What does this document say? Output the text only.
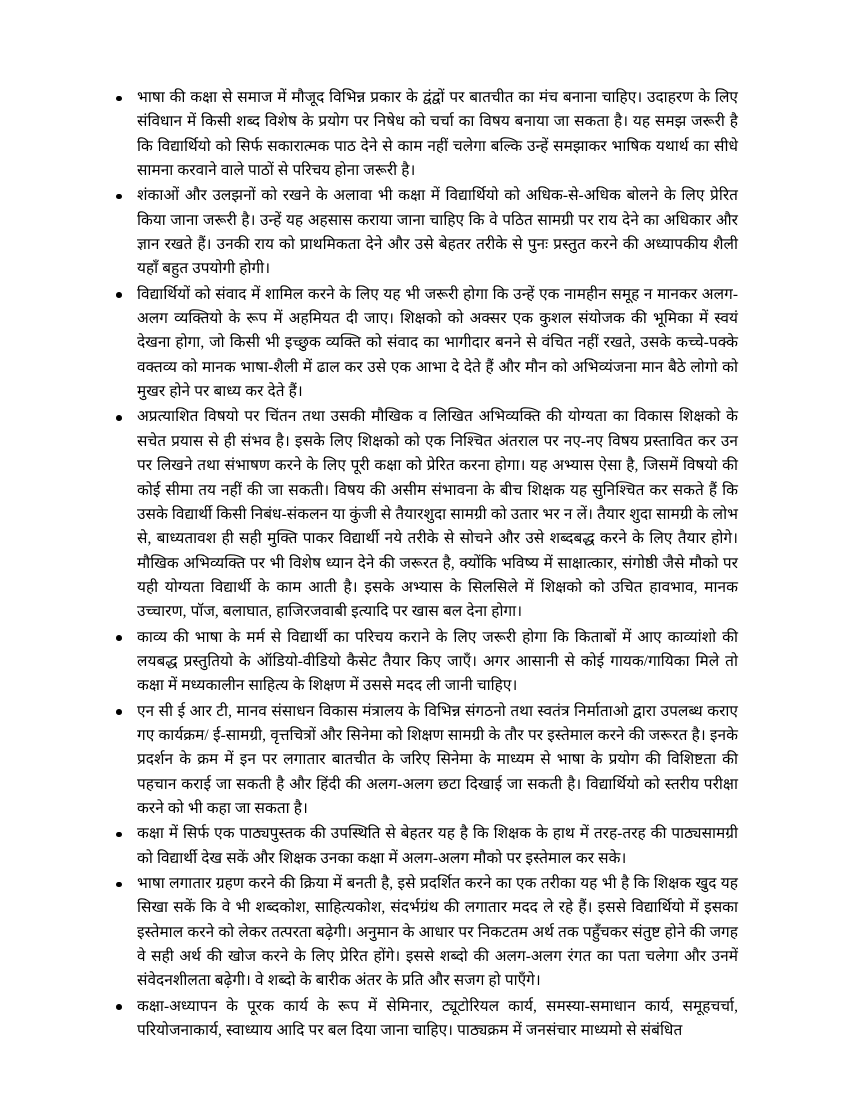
भाषा की कक्षा से समाज में मौजूद विभिन्न प्रकार के द्वंद्वों पर बातचीत का मंच बनाना चाहिए। उदाहरण के लिए संविधान में किसी शब्द विशेष के प्रयोग पर निषेध को चर्चा का विषय बनाया जा सकता है। यह समझ जरूरी है कि विद्यार्थियो को सिर्फ सकारात्मक पाठ देने से काम नहीं चलेगा बल्कि उन्हें समझाकर भाषिक यथार्थ का सीधे सामना करवाने वाले पाठों से परिचय होना जरूरी है।
शंकाओं और उलझनों को रखने के अलावा भी कक्षा में विद्यार्थियो को अधिक-से-अधिक बोलने के लिए प्रेरित किया जाना जरूरी है। उन्हें यह अहसास कराया जाना चाहिए कि वे पठित सामग्री पर राय देने का अधिकार और ज्ञान रखते हैं। उनकी राय को प्राथमिकता देने और उसे बेहतर तरीके से पुनः प्रस्तुत करने की अध्यापकीय शैली यहाँ बहुत उपयोगी होगी।
विद्यार्थियों को संवाद में शामिल करने के लिए यह भी जरूरी होगा कि उन्हें एक नामहीन समूह न मानकर अलग-अलग व्यक्तियो के रूप में अहमियत दी जाए। शिक्षको को अक्सर एक कुशल संयोजक की भूमिका में स्वयं देखना होगा, जो किसी भी इच्छुक व्यक्ति को संवाद का भागीदार बनने से वंचित नहीं रखते, उसके कच्चे-पक्के वक्तव्य को मानक भाषा-शैली में ढाल कर उसे एक आभा दे देते हैं और मौन को अभिव्यंजना मान बैठे लोगो को मुखर होने पर बाध्य कर देते हैं।
अप्रत्याशित विषयो पर चिंतन तथा उसकी मौखिक व लिखित अभिव्यक्ति की योग्यता का विकास शिक्षको के सचेत प्रयास से ही संभव है। इसके लिए शिक्षको को एक निश्चित अंतराल पर नए-नए विषय प्रस्तावित कर उन पर लिखने तथा संभाषण करने के लिए पूरी कक्षा को प्रेरित करना होगा। यह अभ्यास ऐसा है, जिसमें विषयो की कोई सीमा तय नहीं की जा सकती। विषय की असीम संभावना के बीच शिक्षक यह सुनिश्चित कर सकते हैं कि उसके विद्यार्थी किसी निबंध-संकलन या कुंजी से तैयारशुदा सामग्री को उतार भर न लें। तैयार शुदा सामग्री के लोभ से, बाध्यतावश ही सही मुक्ति पाकर विद्यार्थी नये तरीके से सोचने और उसे शब्दबद्ध करने के लिए तैयार होगे। मौखिक अभिव्यक्ति पर भी विशेष ध्यान देने की जरूरत है, क्योंकि भविष्य में साक्षात्कार, संगोष्ठी जैसे मौको पर यही योग्यता विद्यार्थी के काम आती है। इसके अभ्यास के सिलसिले में शिक्षको को उचित हावभाव, मानक उच्चारण, पॉज, बलाघात, हाजिरजवाबी इत्यादि पर खास बल देना होगा।
काव्य की भाषा के मर्म से विद्यार्थी का परिचय कराने के लिए जरूरी होगा कि किताबों में आए काव्यांशो की लयबद्ध प्रस्तुतियो के ऑडियो-वीडियो कैसेट तैयार किए जाएँ। अगर आसानी से कोई गायक/गायिका मिले तो कक्षा में मध्यकालीन साहित्य के शिक्षण में उससे मदद ली जानी चाहिए।
एन सी ई आर टी, मानव संसाधन विकास मंत्रालय के विभिन्न संगठनो तथा स्वतंत्र निर्माताओ द्वारा उपलब्ध कराए गए कार्यक्रम/ ई-सामग्री, वृत्तचित्रों और सिनेमा को शिक्षण सामग्री के तौर पर इस्तेमाल करने की जरूरत है। इनके प्रदर्शन के क्रम में इन पर लगातार बातचीत के जरिए सिनेमा के माध्यम से भाषा के प्रयोग की विशिष्टता की पहचान कराई जा सकती है और हिंदी की अलग-अलग छटा दिखाई जा सकती है। विद्यार्थियो को स्तरीय परीक्षा करने को भी कहा जा सकता है।
कक्षा में सिर्फ एक पाठ्यपुस्तक की उपस्थिति से बेहतर यह है कि शिक्षक के हाथ में तरह-तरह की पाठ्यसामग्री को विद्यार्थी देख सकें और शिक्षक उनका कक्षा में अलग-अलग मौको पर इस्तेमाल कर सके।
भाषा लगातार ग्रहण करने की क्रिया में बनती है, इसे प्रदर्शित करने का एक तरीका यह भी है कि शिक्षक खुद यह सिखा सकें कि वे भी शब्दकोश, साहित्यकोश, संदर्भग्रंथ की लगातार मदद ले रहे हैं। इससे विद्यार्थियो में इसका इस्तेमाल करने को लेकर तत्परता बढ़ेगी। अनुमान के आधार पर निकटतम अर्थ तक पहुँचकर संतुष्ट होने की जगह वे सही अर्थ की खोज करने के लिए प्रेरित होंगे। इससे शब्दो की अलग-अलग रंगत का पता चलेगा और उनमें संवेदनशीलता बढ़ेगी। वे शब्दो के बारीक अंतर के प्रति और सजग हो पाएँगे।
कक्षा-अध्यापन के पूरक कार्य के रूप में सेमिनार, ट्यूटोरियल कार्य, समस्या-समाधान कार्य, समूहचर्चा, परियोजनाकार्य, स्वाध्याय आदि पर बल दिया जाना चाहिए। पाठ्यक्रम में जनसंचार माध्यमो से संबंधित
